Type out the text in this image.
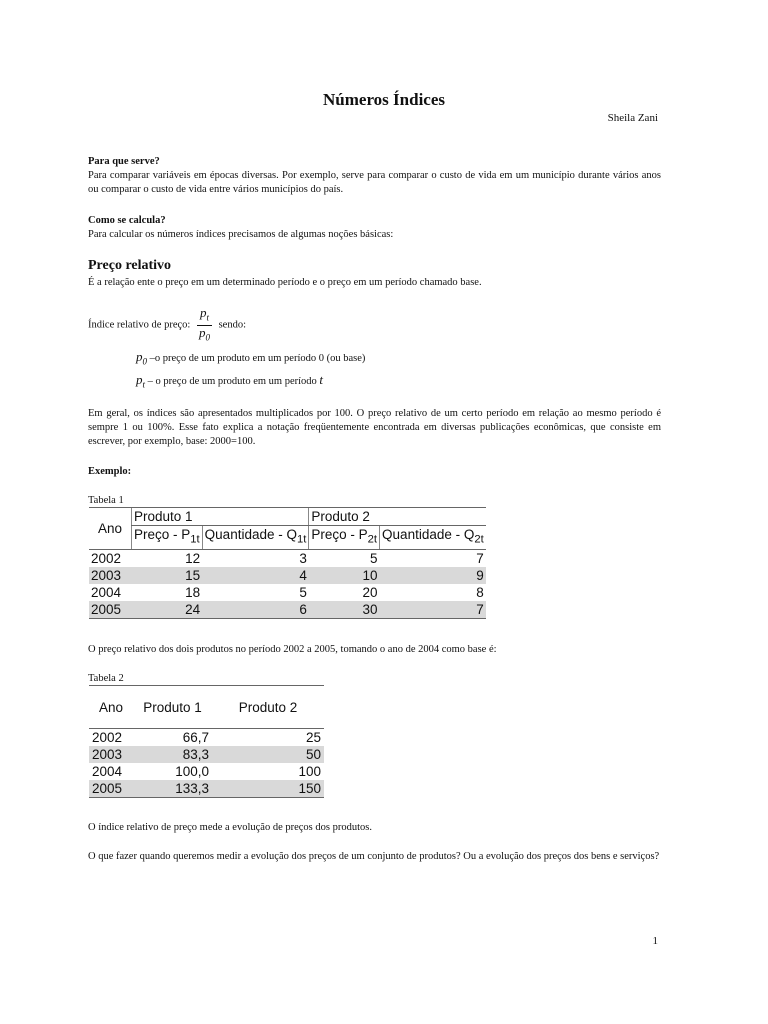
Números Índices
Sheila Zani
Para que serve?
Para comparar variáveis em épocas diversas. Por exemplo, serve para comparar o custo de vida em um município durante vários anos ou comparar o custo de vida entre vários municípios do país.
Como se calcula?
Para calcular os números índices precisamos de algumas noções básicas:
Preço relativo
É a relação ente o preço em um determinado período e o preço em um período chamado base.
Índice relativo de preço: $\frac{p_t}{p_0}$ sendo:
$p_0$ –o preço de um produto em um período 0 (ou base)
$p_t$ – o preço de um produto em um período t
Em geral, os índices são apresentados multiplicados por 100. O preço relativo de um certo período em relação ao mesmo período é sempre 1 ou 100%. Esse fato explica a notação freqüentemente encontrada em diversas publicações econômicas, que consiste em escrever, por exemplo, base: 2000=100.
Exemplo:
Tabela 1
Ano	Produto 1		Produto 2	
	Preço - $P_{1t}$	Quantidade - $Q_{1t}$	Preço - $P_{2t}$	Quantidade - $Q_{2t}$
2002	12	3	5	7
2003	15	4	10	9
2004	18	5	20	8
2005	24	6	30	7
O preço relativo dos dois produtos no período 2002 a 2005, tomando o ano de 2004 como base é:
Tabela 2
Ano	Produto 1	Produto 2
2002	66,7	25
2003	83,3	50
2004	100,0	100
2005	133,3	150
O índice relativo de preço mede a evolução de preços dos produtos.
O que fazer quando queremos medir a evolução dos preços de um conjunto de produtos? Ou a evolução dos preços dos bens e serviços?
1
